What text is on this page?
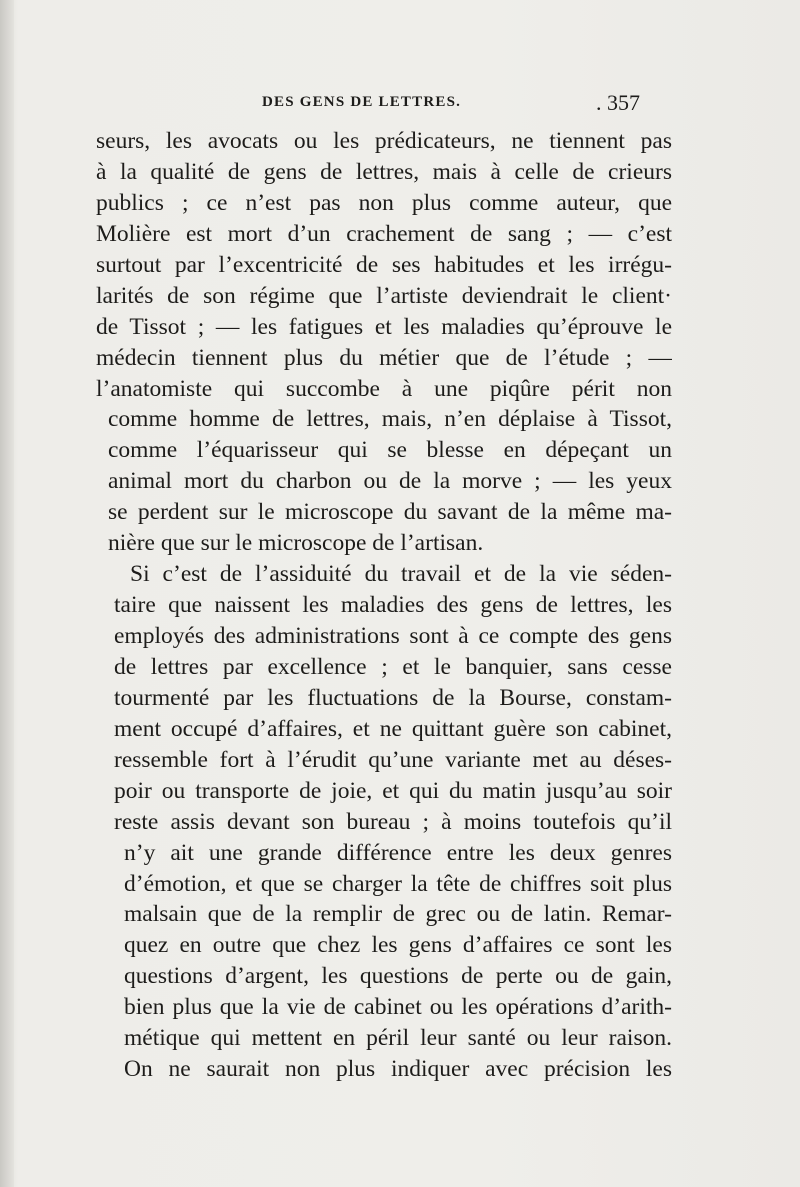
DES GENS DE LETTRES.	. 357
seurs, les avocats ou les prédicateurs, ne tiennent pas
à la qualité de gens de lettres, mais à celle de crieurs
publics ; ce n’est pas non plus comme auteur, que
Molière est mort d’un crachement de sang ; — c’est
surtout par l’excentricité de ses habitudes et les irrégu-
larités de son régime que l’artiste deviendrait le client·
de Tissot ; — les fatigues et les maladies qu’éprouve le
médecin tiennent plus du métier que de l’étude ; —
l’anatomiste qui succombe à une piqûre périt non
comme homme de lettres, mais, n’en déplaise à Tissot,
comme l’équarisseur qui se blesse en dépeçant un
animal mort du charbon ou de la morve ; — les yeux
se perdent sur le microscope du savant de la même ma-
nière que sur le microscope de l’artisan.
Si c’est de l’assiduité du travail et de la vie séden-
taire que naissent les maladies des gens de lettres, les
employés des administrations sont à ce compte des gens
de lettres par excellence ; et le banquier, sans cesse
tourmenté par les fluctuations de la Bourse, constam-
ment occupé d’affaires, et ne quittant guère son cabinet,
ressemble fort à l’érudit qu’une variante met au déses-
poir ou transporte de joie, et qui du matin jusqu’au soir
reste assis devant son bureau ; à moins toutefois qu’il
n’y ait une grande différence entre les deux genres
d’émotion, et que se charger la tête de chiffres soit plus
malsain que de la remplir de grec ou de latin. Remar-
quez en outre que chez les gens d’affaires ce sont les
questions d’argent, les questions de perte ou de gain,
bien plus que la vie de cabinet ou les opérations d’arith-
métique qui mettent en péril leur santé ou leur raison.
On ne saurait non plus indiquer avec précision les
